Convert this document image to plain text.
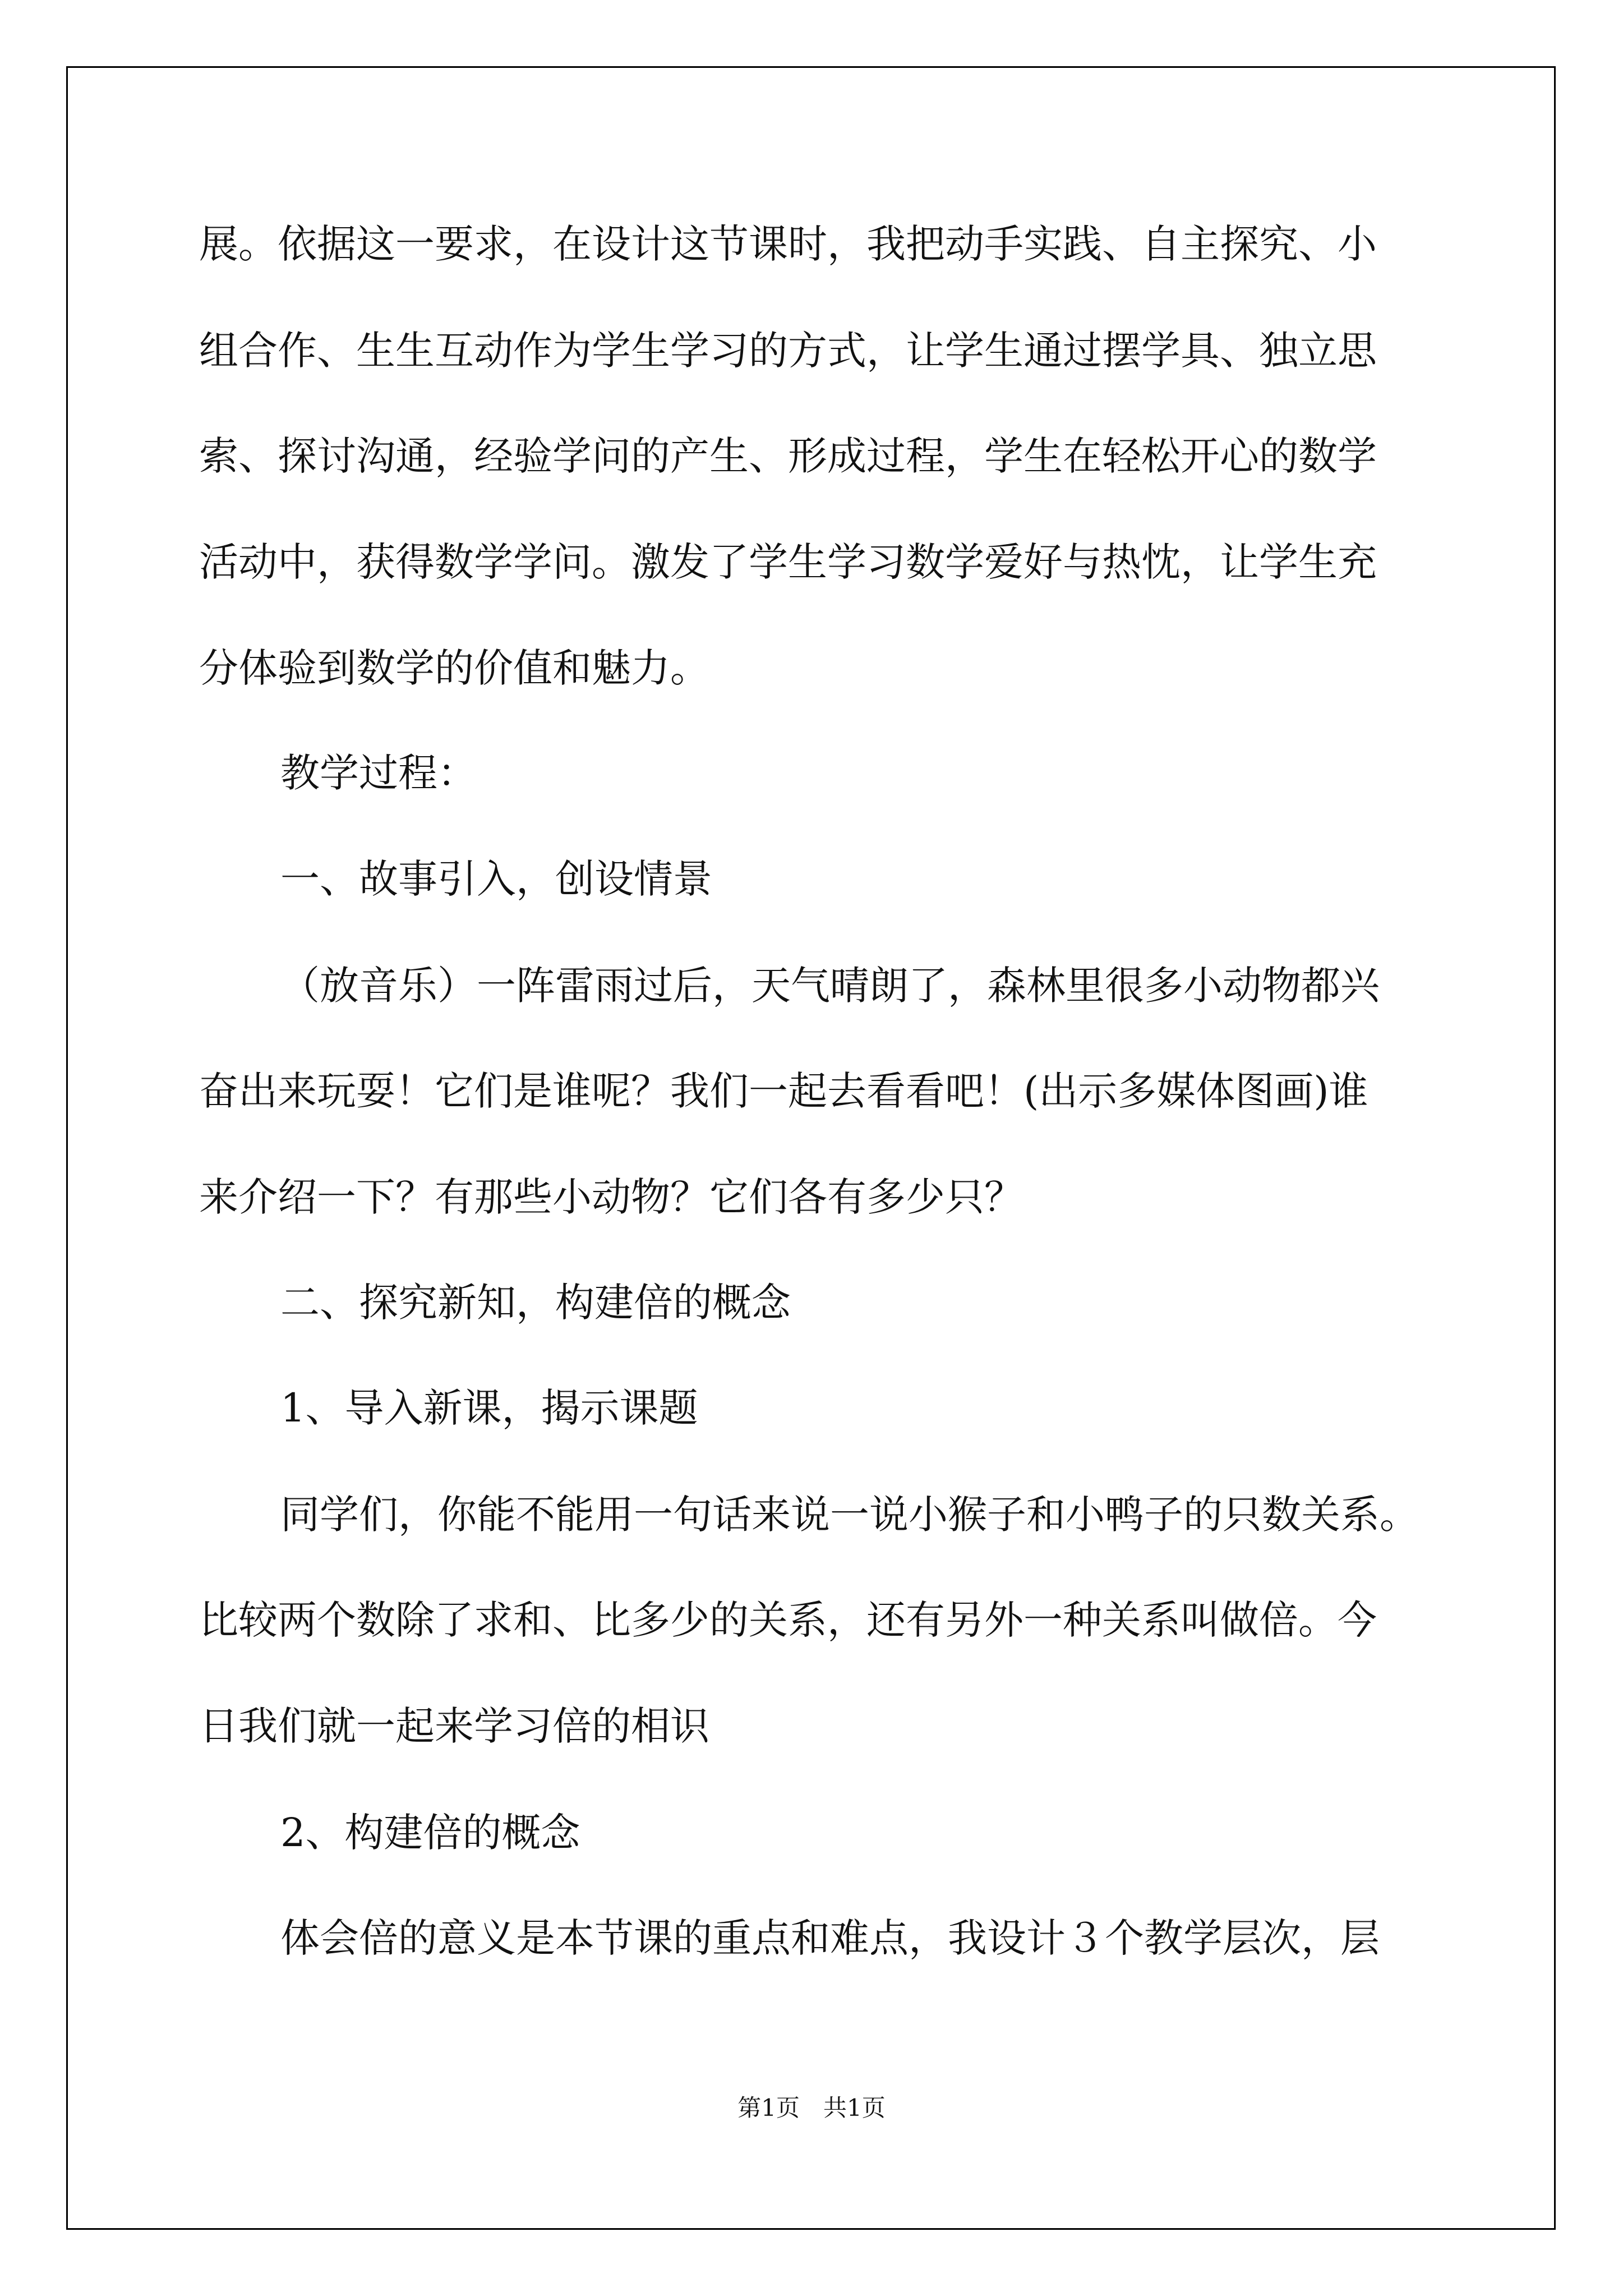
展。依据这一要求，在设计这节课时，我把动手实践、自主探究、小
组合作、生生互动作为学生学习的方式，让学生通过摆学具、独立思
索、探讨沟通，经验学问的产生、形成过程，学生在轻松开心的数学
活动中，获得数学学问。激发了学生学习数学爱好与热忱，让学生充
分体验到数学的价值和魅力。
教学过程：
一、故事引入，创设情景
（放音乐）一阵雷雨过后，天气晴朗了，森林里很多小动物都兴
奋出来玩耍！它们是谁呢？我们一起去看看吧！(出示多媒体图画)谁
来介绍一下？有那些小动物？它们各有多少只？
二、探究新知，构建倍的概念
1、导入新课，揭示课题
同学们，你能不能用一句话来说一说小猴子和小鸭子的只数关系。
比较两个数除了求和、比多少的关系，还有另外一种关系叫做倍。今
日我们就一起来学习倍的相识
2、构建倍的概念
体会倍的意义是本节课的重点和难点，我设计３个教学层次，层
第1页　共1页
